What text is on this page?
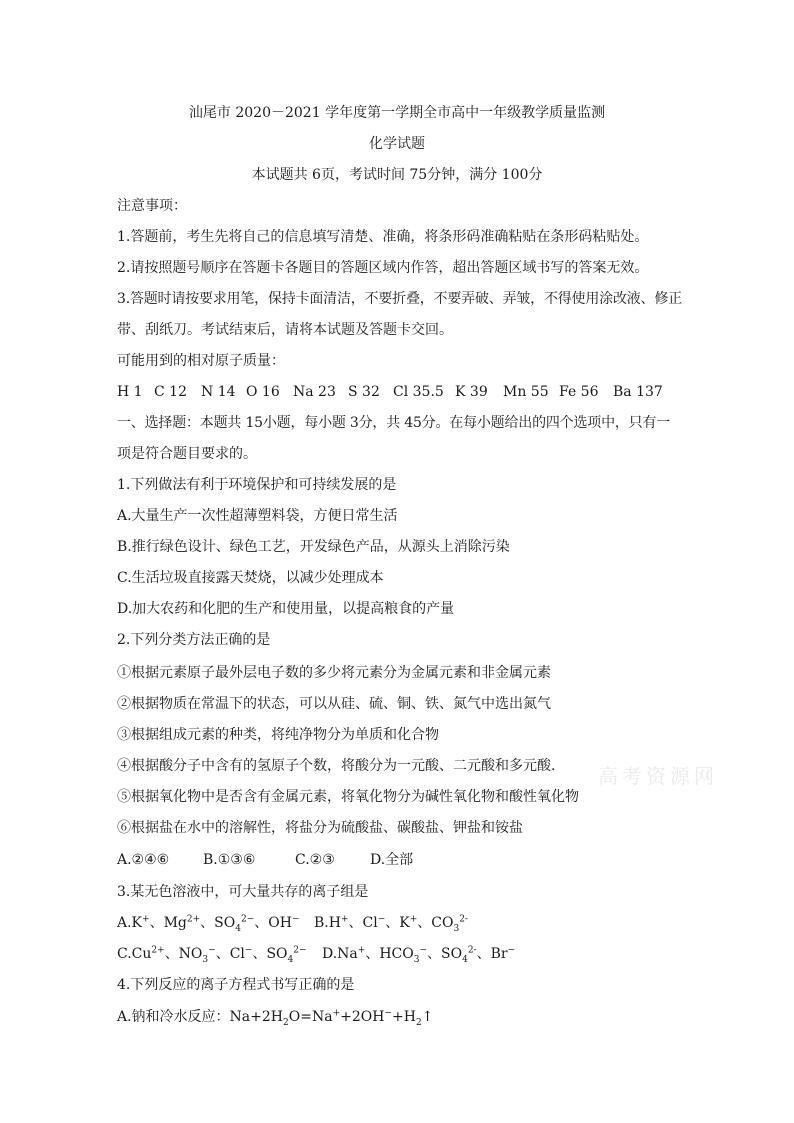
汕尾市 2020－2021 学年度第一学期全市高中一年级教学质量监测
化学试题
本试题共 6页，考试时间 75分钟，满分 100分
注意事项：
1.答题前，考生先将自己的信息填写清楚、准确，将条形码准确粘贴在条形码粘贴处。
2.请按照题号顺序在答题卡各题目的答题区域内作答，超出答题区域书写的答案无效。
3.答题时请按要求用笔，保持卡面清洁，不要折叠，不要弄破、弄皱，不得使用涂改液、修正
带、刮纸刀。考试结束后，请将本试题及答题卡交回。
可能用到的相对原子质量：
H 1 C 12 N 14 O 16 Na 23 S 32 Cl 35.5 K 39 Mn 55 Fe 56 Ba 137
一、选择题：本题共 15小题，每小题 3分，共 45分。在每小题给出的四个选项中，只有一
项是符合题目要求的。
1.下列做法有利于环境保护和可持续发展的是
A.大量生产一次性超薄塑料袋，方便日常生活
B.推行绿色设计、绿色工艺，开发绿色产品，从源头上消除污染
C.生活垃圾直接露天焚烧，以减少处理成本
D.加大农药和化肥的生产和使用量，以提高粮食的产量
2.下列分类方法正确的是
①根据元素原子最外层电子数的多少将元素分为金属元素和非金属元素
②根据物质在常温下的状态，可以从硅、硫、铜、铁、氮气中选出氮气
③根据组成元素的种类，将纯净物分为单质和化合物
④根据酸分子中含有的氢原子个数，将酸分为一元酸、二元酸和多元酸.
⑤根据氧化物中是否含有金属元素，将氧化物分为碱性氧化物和酸性氧化物
⑥根据盐在水中的溶解性，将盐分为硫酸盐、碳酸盐、钾盐和铵盐
A.②④⑥ B.①③⑥	C.②③	D.全部
3.某无色溶液中，可大量共存的离子组是
A.K+、$Mg^{2+}$、$SO_4^{2-}$、OH− B.H+、Cl−、K+、$CO_3^{2-}$
$C.Cu^{2+}$、$NO_3^-$、Cl−、$SO_4^{2-}$ D.Na+、$HCO_3^-$、$SO_4^{2-}$、Br−
4.下列反应的离子方程式书写正确的是
A.钠和冷水反应：$Na+2H_2O=Na^++2OH^-+H_2↑$
高考资源网
